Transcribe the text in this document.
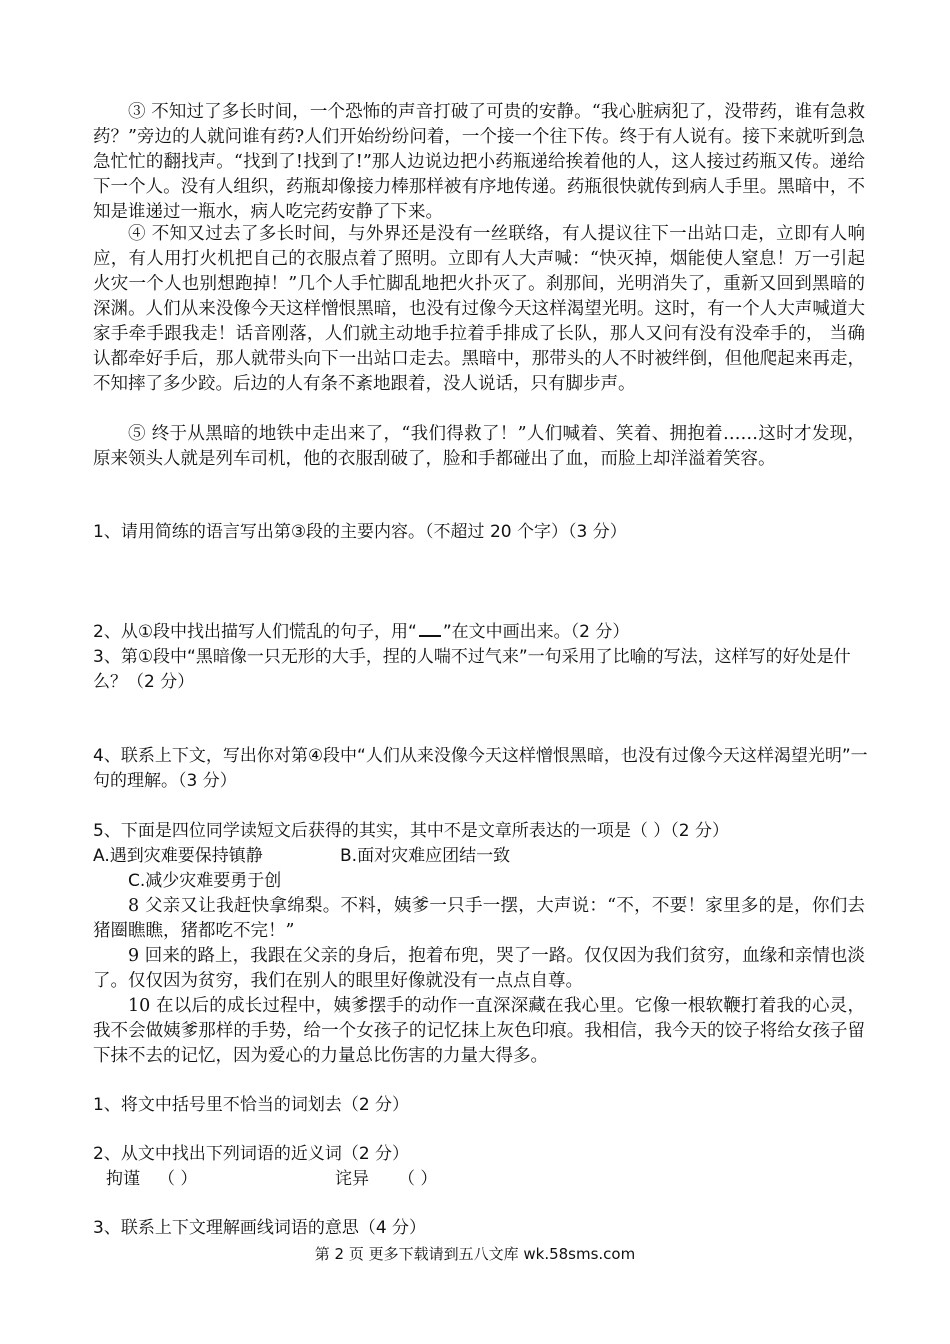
③ 不知过了多长时间，一个恐怖的声音打破了可贵的安静。“我心脏病犯了，没带药，谁有急救药？”旁边的人就问谁有药?人们开始纷纷问着，一个接一个往下传。终于有人说有。接下来就听到急急忙忙的翻找声。“找到了!找到了!”那人边说边把小药瓶递给挨着他的人，这人接过药瓶又传。递给下一个人。没有人组织，药瓶却像接力棒那样被有序地传递。药瓶很快就传到病人手里。黑暗中，不知是谁递过一瓶水，病人吃完药安静了下来。
④ 不知又过去了多长时间，与外界还是没有一丝联络，有人提议往下一出站口走，立即有人响应，有人用打火机把自己的衣服点着了照明。立即有人大声喊：“快灭掉，烟能使人窒息！万一引起火灾一个人也别想跑掉！”几个人手忙脚乱地把火扑灭了。刹那间，光明消失了，重新又回到黑暗的深渊。人们从来没像今天这样憎恨黑暗，也没有过像今天这样渴望光明。这时，有一个人大声喊道大家手牵手跟我走！话音刚落，人们就主动地手拉着手排成了长队，那人又问有没有没牵手的， 当确认都牵好手后，那人就带头向下一出站口走去。黑暗中，那带头的人不时被绊倒，但他爬起来再走，不知摔了多少跤。后边的人有条不紊地跟着，没人说话，只有脚步声。
⑤ 终于从黑暗的地铁中走出来了，“我们得救了！”人们喊着、笑着、拥抱着……这时才发现，原来领头人就是列车司机，他的衣服刮破了，脸和手都碰出了血，而脸上却洋溢着笑容。
1、请用简练的语言写出第③段的主要内容。（不超过 20 个字）（3 分）
2、从①段中找出描写人们慌乱的句子，用“ ”在文中画出来。（2 分）
3、第①段中“黑暗像一只无形的大手，捏的人喘不过气来”一句采用了比喻的写法，这样写的好处是什么？（2 分）
4、联系上下文，写出你对第④段中“人们从来没像今天这样憎恨黑暗，也没有过像今天这样渴望光明”一句的理解。（3 分）
5、下面是四位同学读短文后获得的其实，其中不是文章所表达的一项是（ ）（2 分）
A.遇到灾难要保持镇静	B.面对灾难应团结一致
C.减少灾难要勇于创
8 父亲又让我赶快拿绵梨。不料，姨爹一只手一摆，大声说：“不，不要！家里多的是，你们去猪圈瞧瞧，猪都吃不完！”
9 回来的路上，我跟在父亲的身后，抱着布兜，哭了一路。仅仅因为我们贫穷，血缘和亲情也淡了。仅仅因为贫穷，我们在别人的眼里好像就没有一点点自尊。
10 在以后的成长过程中，姨爹摆手的动作一直深深藏在我心里。它像一根软鞭打着我的心灵，我不会做姨爹那样的手势，给一个女孩子的记忆抹上灰色印痕。我相信，我今天的饺子将给女孩子留下抹不去的记忆，因为爱心的力量总比伤害的力量大得多。
1、将文中括号里不恰当的词划去（2 分）
2、从文中找出下列词语的近义词（2 分）
拘谨 （ ）	诧异 （ ）
3、联系上下文理解画线词语的意思（4 分）
第 2 页 更多下载请到五八文库 wk.58sms.com
